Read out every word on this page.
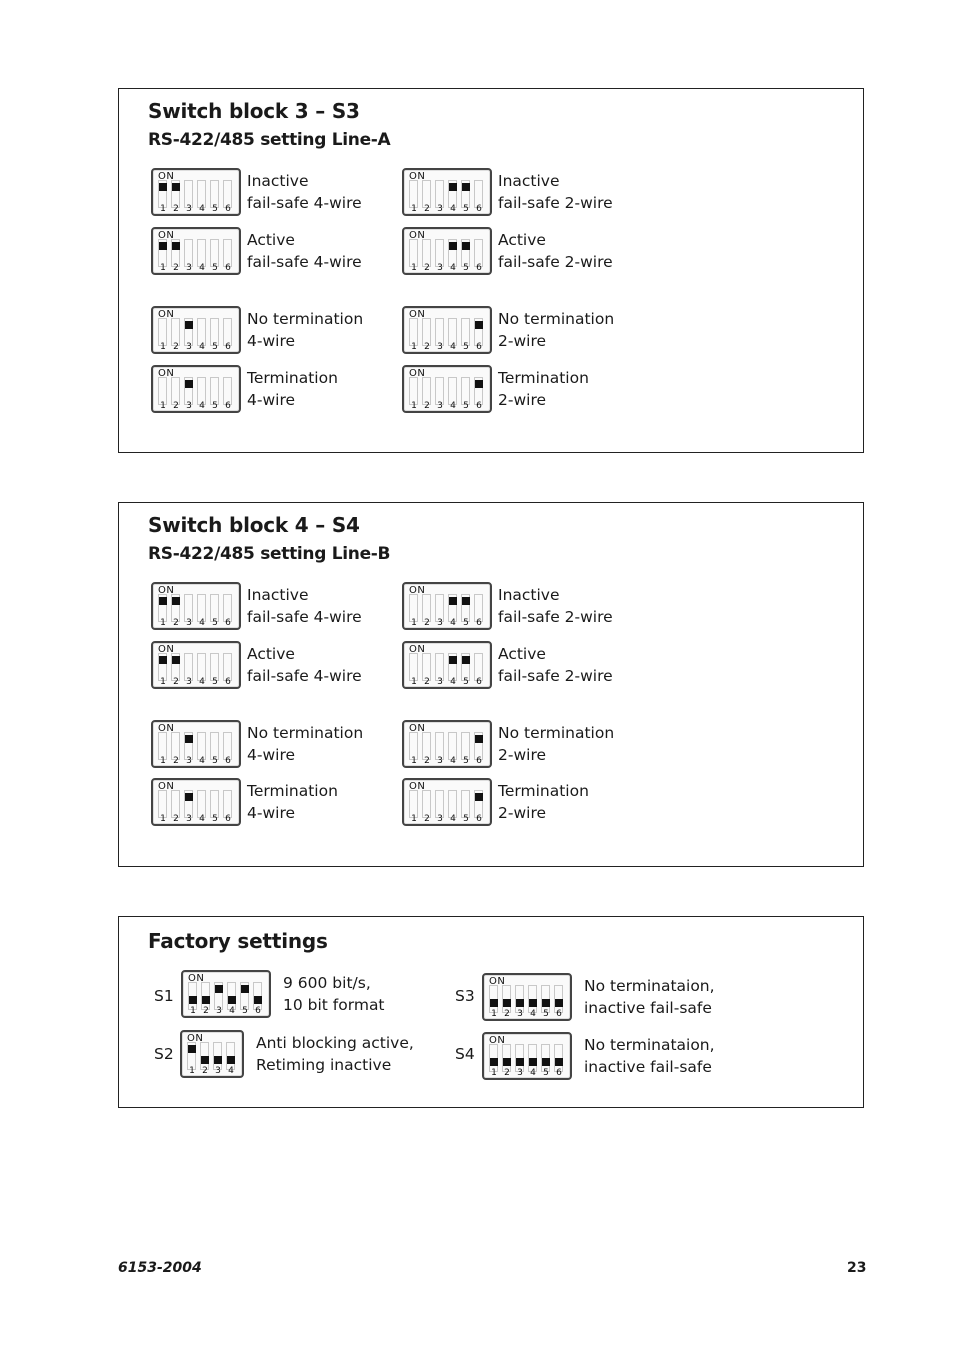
Switch block 3 – S3
RS-422/485 setting Line-A
ON
1 2 3 4 5 6
Inactive
fail-safe 4-wire
ON
1 2 3 4 5 6
Inactive
fail-safe 2-wire
ON
1 2 3 4 5 6
Active
fail-safe 4-wire
ON
1 2 3 4 5 6
Active
fail-safe 2-wire
ON
1 2 3 4 5 6
No termination
4-wire
ON
1 2 3 4 5 6
No termination
2-wire
ON
1 2 3 4 5 6
Termination
4-wire
ON
1 2 3 4 5 6
Termination
2-wire
Switch block 4 – S4
RS-422/485 setting Line-B
ON
1 2 3 4 5 6
Inactive
fail-safe 4-wire
ON
1 2 3 4 5 6
Inactive
fail-safe 2-wire
ON
1 2 3 4 5 6
Active
fail-safe 4-wire
ON
1 2 3 4 5 6
Active
fail-safe 2-wire
ON
1 2 3 4 5 6
No termination
4-wire
ON
1 2 3 4 5 6
No termination
2-wire
ON
1 2 3 4 5 6
Termination
4-wire
ON
1 2 3 4 5 6
Termination
2-wire
Factory settings
S1
ON
1 2 3 4 5 6
9 600 bit/s,
10 bit format	S3
ON
1 2 3 4 5 6
No terminataion,
inactive fail-safe
S2
ON
1 2 3 4
Anti blocking active,
Retiming inactive
S4
ON
1 2 3 4 5 6
No terminataion,
inactive fail-safe
6153-2004	23
